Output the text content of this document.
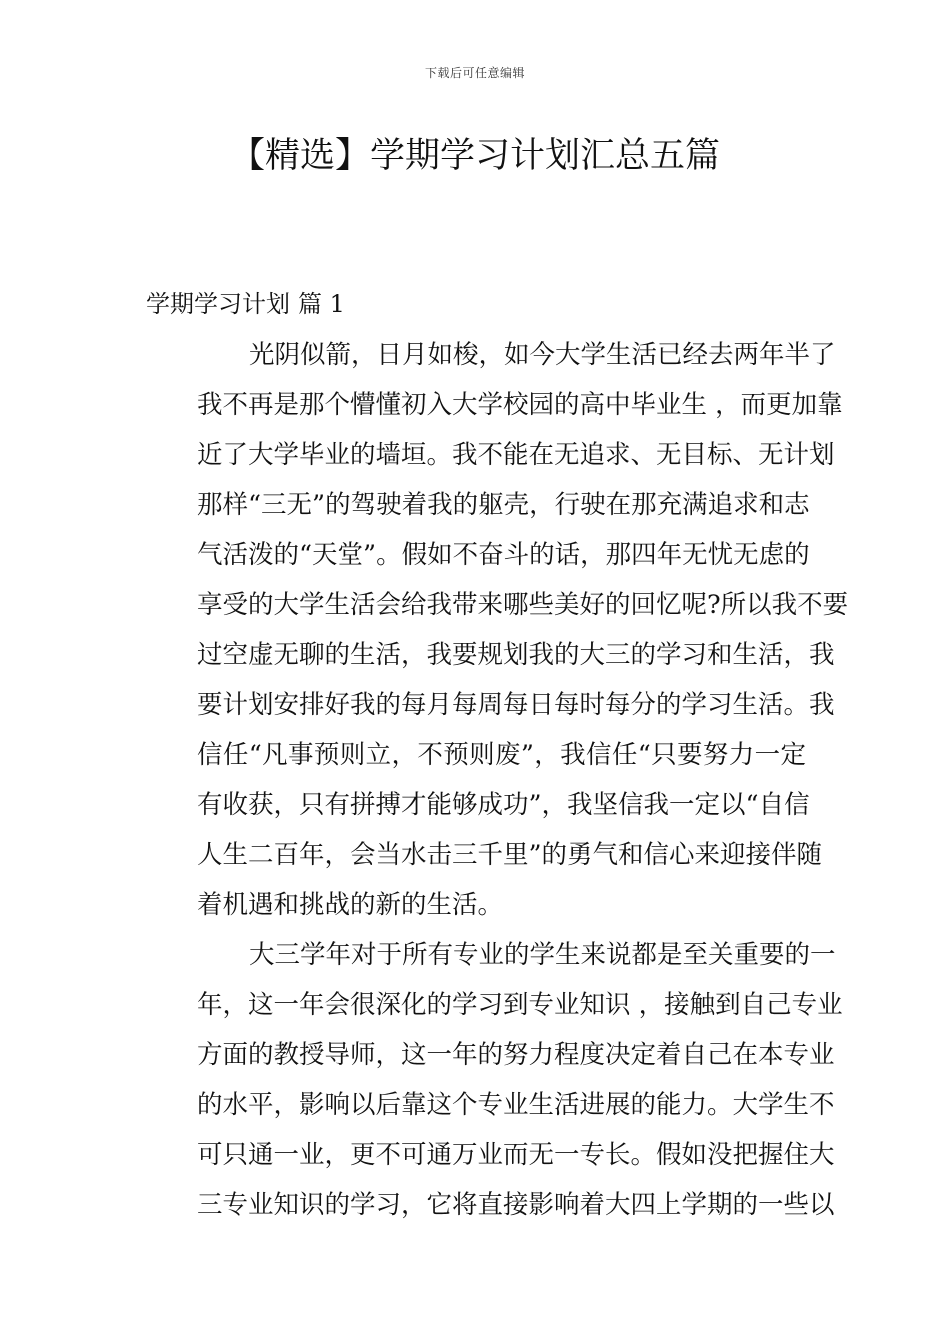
下载后可任意编辑
【精选】学期学习计划汇总五篇
学期学习计划 篇 1

光阴似箭，日月如梭，如今大学生活已经去两年半了
我不再是那个懵懂初入大学校园的高中毕业生 ，而更加靠
近了大学毕业的墙垣。我不能在无追求、无目标、无计划
那样“三无”的驾驶着我的躯壳，行驶在那充满追求和志
气活泼的“天堂”。假如不奋斗的话，那四年无忧无虑的
享受的大学生活会给我带来哪些美好的回忆呢?所以我不要
过空虚无聊的生活，我要规划我的大三的学习和生活，我
要计划安排好我的每月每周每日每时每分的学习生活。我
信任“凡事预则立，不预则废”，我信任“只要努力一定
有收获，只有拼搏才能够成功”，我坚信我一定以“自信
人生二百年，会当水击三千里”的勇气和信心来迎接伴随
着机遇和挑战的新的生活。

大三学年对于所有专业的学生来说都是至关重要的一
年，这一年会很深化的学习到专业知识 ，接触到自己专业
方面的教授导师，这一年的努力程度决定着自己在本专业
的水平，影响以后靠这个专业生活进展的能力。大学生不
可只通一业，更不可通万业而无一专长。假如没把握住大
三专业知识的学习，它将直接影响着大四上学期的一些以
